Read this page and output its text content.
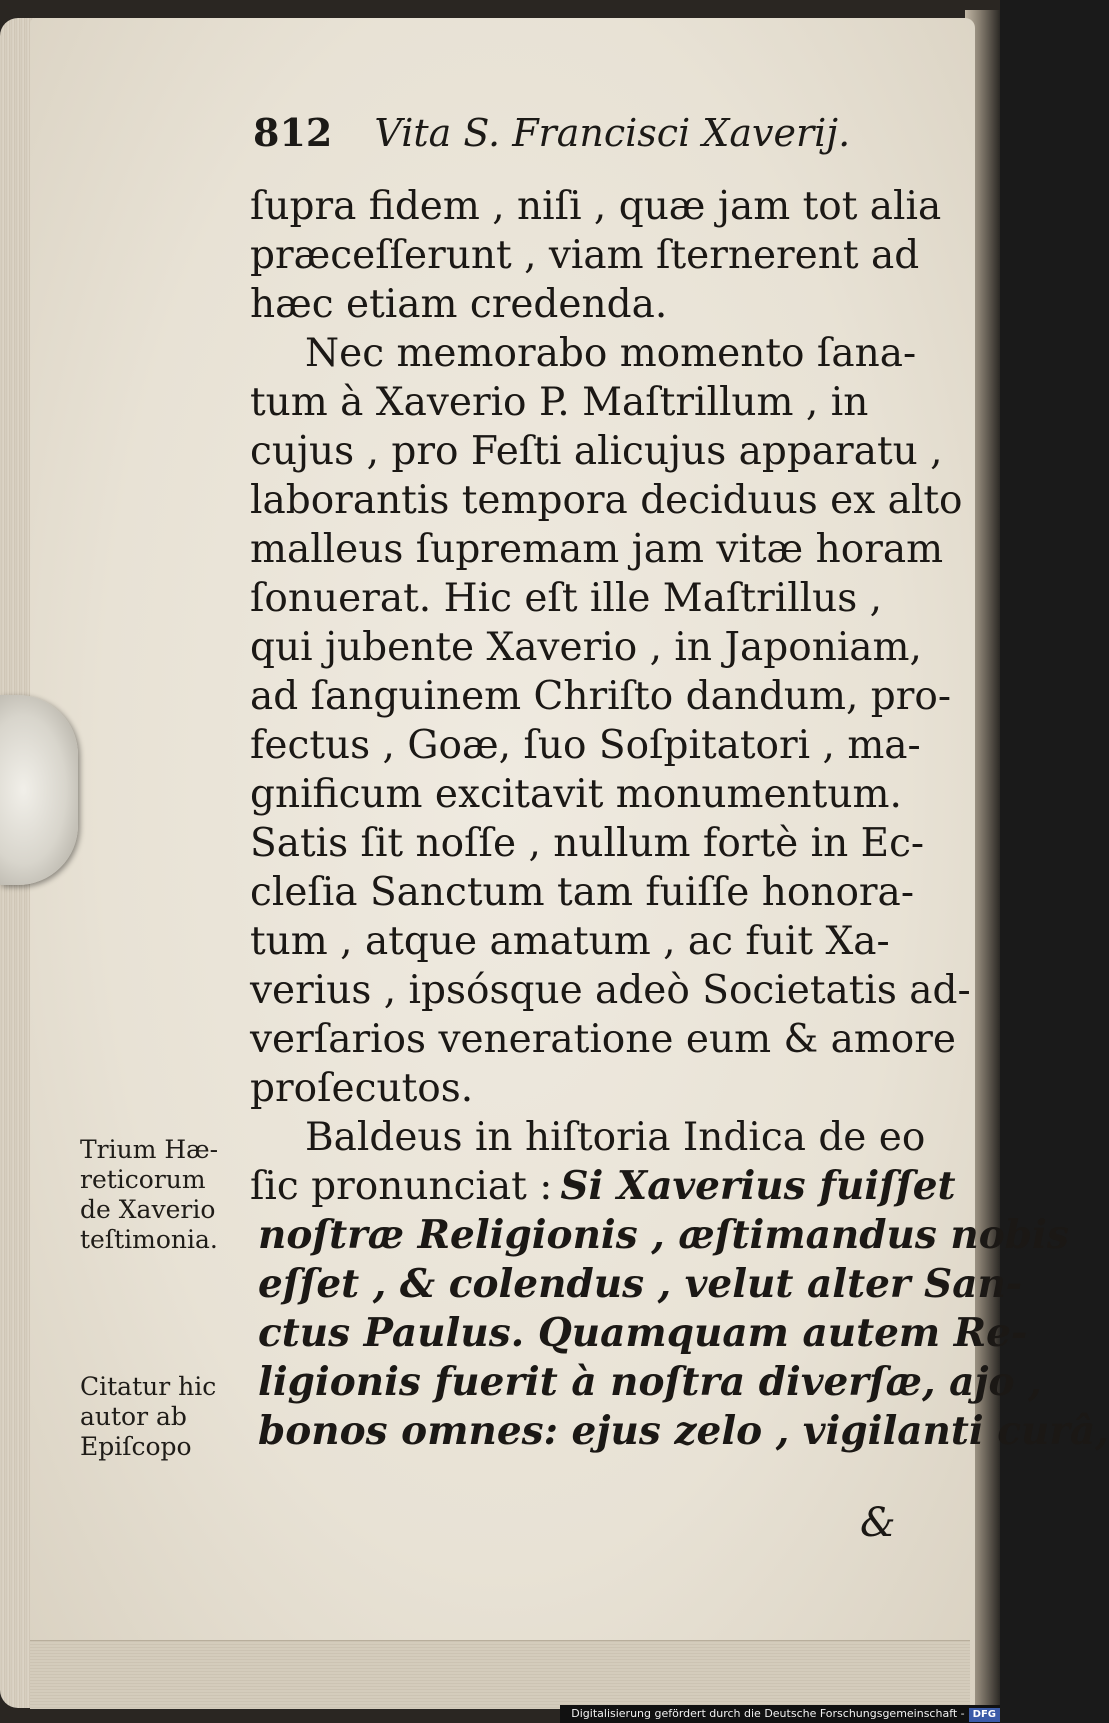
812 Vita S. Francisci Xaverij.
ſupra fidem , niſi , quæ jam tot alia
præceſſerunt , viam ſternerent ad
hæc etiam credenda.
Nec memorabo momento ſana-
tum à Xaverio P. Maſtrillum , in
cujus , pro Feſti alicujus apparatu ,
laborantis tempora deciduus ex alto
malleus ſupremam jam vitæ horam
ſonuerat. Hic eſt ille Maſtrillus ,
qui jubente Xaverio , in Japoniam,
ad ſanguinem Chriſto dandum, pro-
fectus , Goæ, ſuo Soſpitatori , ma-
gnificum excitavit monumentum.
Satis ſit noſſe , nullum fortè in Ec-
cleſia Sanctum tam fuiſſe honora-
tum , atque amatum , ac fuit Xa-
verius , ipsósque adeò Societatis ad-
verſarios veneratione eum & amore
proſecutos.
Baldeus in hiſtoria Indica de eo
ſic pronunciat : Si Xaverius fuiſſet
noſtræ Religionis , æſtimandus nobis
eſſet , & colendus , velut alter San-
ctus Paulus. Quamquam autem Re-
ligionis fuerit à noſtra diverſæ, ajo ,
bonos omnes: ejus zelo , vigilanti curâ,
Trium Hæ-
reticorum
de Xaverio
teſtimonia.
Citatur hic
autor ab
Epiſcopo
&
Digitalisierung gefördert durch die Deutsche Forschungsgemeinschaft - DFG
